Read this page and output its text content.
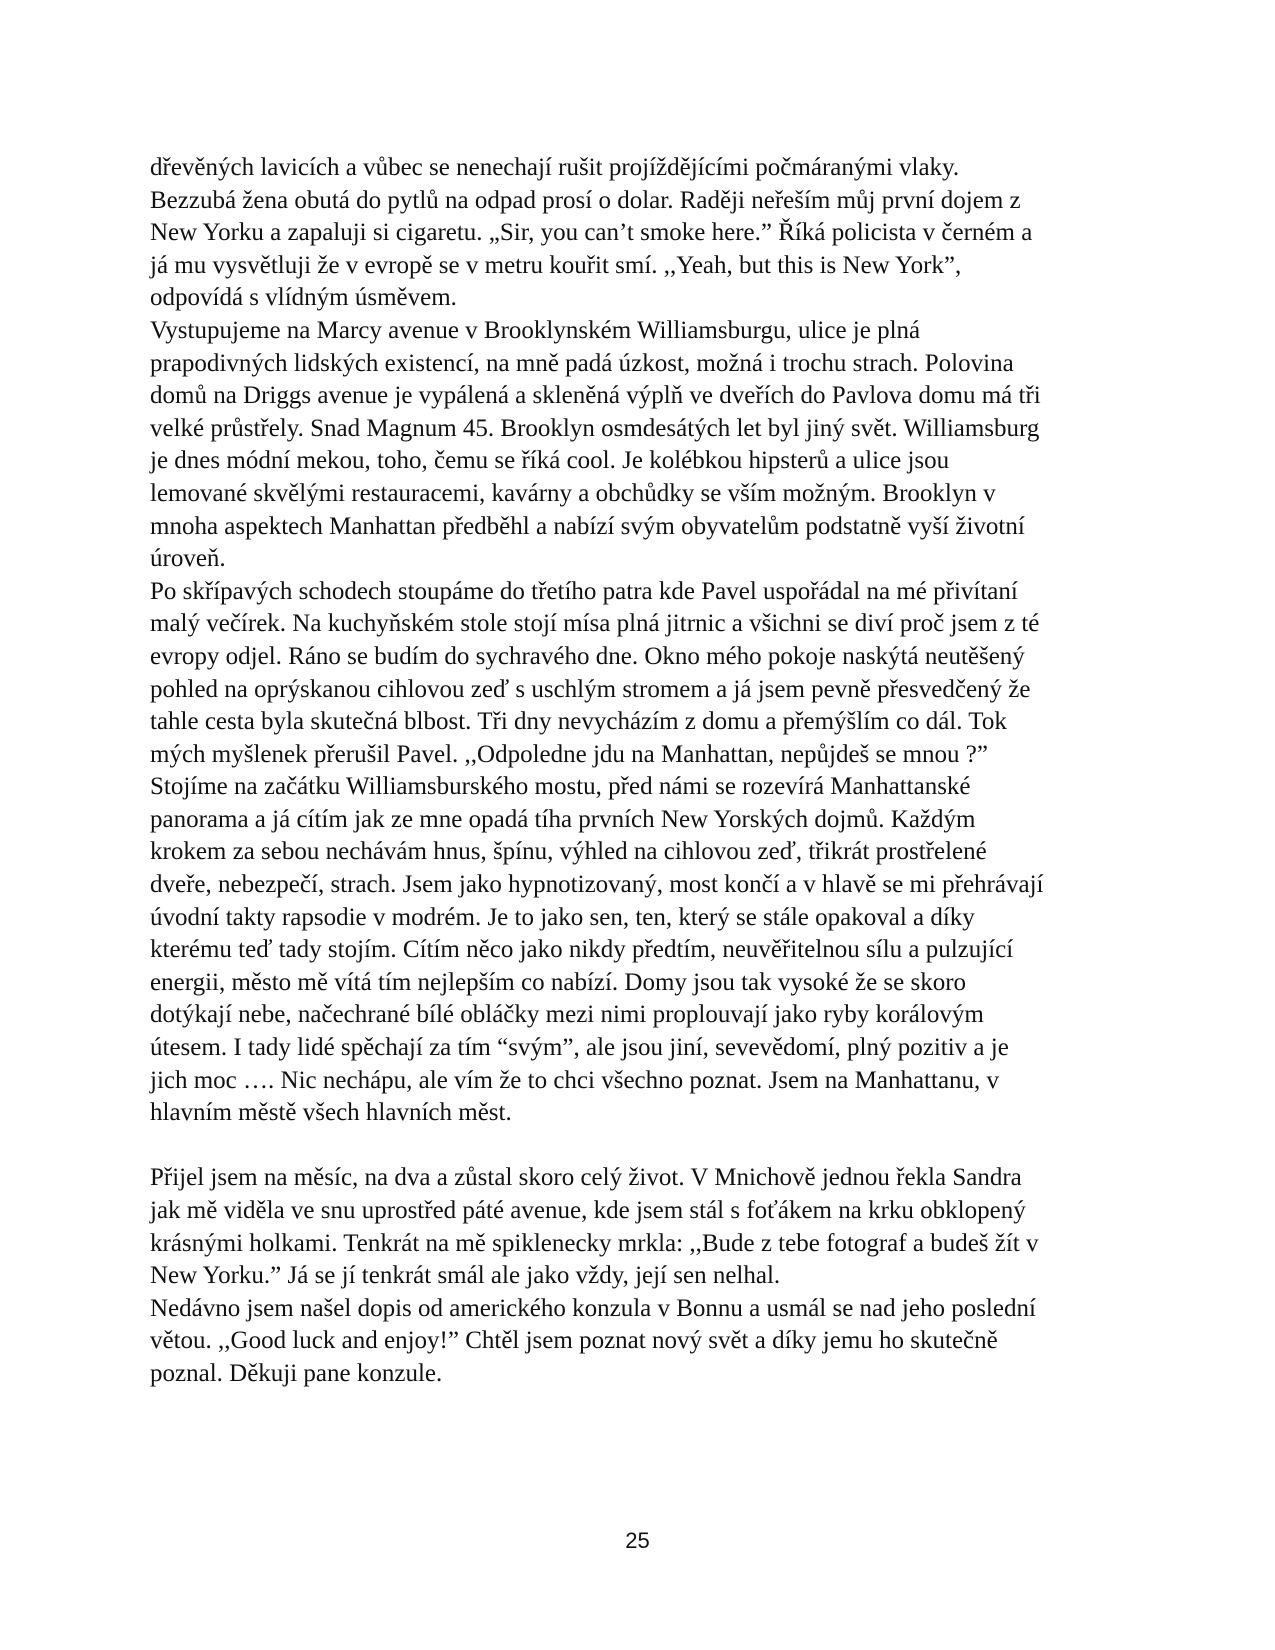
dřevěných lavicích a vůbec se nenechají rušit projíždějícími počmáranými vlaky.
Bezzubá žena obutá do pytlů na odpad prosí o dolar. Raději neřeším můj první dojem z
New Yorku a zapaluji si cigaretu. „Sir, you can’t smoke here.” Říká policista v černém a
já mu vysvětluji že v evropě se v metru kouřit smí. ,,Yeah, but this is New York”,
odpovídá s vlídným úsměvem.

Vystupujeme na Marcy avenue v Brooklynském Williamsburgu, ulice je plná
prapodivných lidských existencí, na mně padá úzkost, možná i trochu strach. Polovina
domů na Driggs avenue je vypálená a skleněná výplň ve dveřích do Pavlova domu má tři
velké průstřely. Snad Magnum 45. Brooklyn osmdesátých let byl jiný svět. Williamsburg
je dnes módní mekou, toho, čemu se říká cool. Je kolébkou hipsterů a ulice jsou
lemované skvělými restauracemi, kavárny a obchůdky se vším možným. Brooklyn v
mnoha aspektech Manhattan předběhl a nabízí svým obyvatelům podstatně vyší životní
úroveň.

Po skřípavých schodech stoupáme do třetího patra kde Pavel uspořádal na mé přivítaní
malý večírek. Na kuchyňském stole stojí mísa plná jitrnic a všichni se diví proč jsem z té
evropy odjel. Ráno se budím do sychravého dne. Okno mého pokoje naskýtá neutěšený
pohled na oprýskanou cihlovou zeď s uschlým stromem a já jsem pevně přesvedčený že
tahle cesta byla skutečná blbost. Tři dny nevycházím z domu a přemýšlím co dál. Tok
mých myšlenek přerušil Pavel. ,,Odpoledne jdu na Manhattan, nepůjdeš se mnou ?”

Stojíme na začátku Williamsburského mostu, před námi se rozevírá Manhattanské
panorama a já cítím jak ze mne opadá tíha prvních New Yorských dojmů. Každým
krokem za sebou nechávám hnus, špínu, výhled na cihlovou zeď, třikrát prostřelené
dveře, nebezpečí, strach. Jsem jako hypnotizovaný, most končí a v hlavě se mi přehrávají
úvodní takty rapsodie v modrém. Je to jako sen, ten, který se stále opakoval a díky
kterému teď tady stojím. Cítím něco jako nikdy předtím, neuvěřitelnou sílu a pulzující
energii, město mě vítá tím nejlepším co nabízí. Domy jsou tak vysoké že se skoro
dotýkají nebe, načechrané bílé obláčky mezi nimi proplouvají jako ryby korálovým
útesem. I tady lidé spěchají za tím “svým”, ale jsou jiní, sevevědomí, plný pozitiv a je
jich moc …. Nic nechápu, ale vím že to chci všechno poznat. Jsem na Manhattanu, v
hlavním městě všech hlavních měst.

Přijel jsem na měsíc, na dva a zůstal skoro celý život. V Mnichově jednou řekla Sandra
jak mě viděla ve snu uprostřed páté avenue, kde jsem stál s foťákem na krku obklopený
krásnými holkami. Tenkrát na mě spiklenecky mrkla: ,,Bude z tebe fotograf a budeš žít v
New Yorku.” Já se jí tenkrát smál ale jako vždy, její sen nelhal.

Nedávno jsem našel dopis od amerického konzula v Bonnu a usmál se nad jeho poslední
větou. ,,Good luck and enjoy!” Chtěl jsem poznat nový svět a díky jemu ho skutečně
poznal. Děkuji pane konzule.

25
